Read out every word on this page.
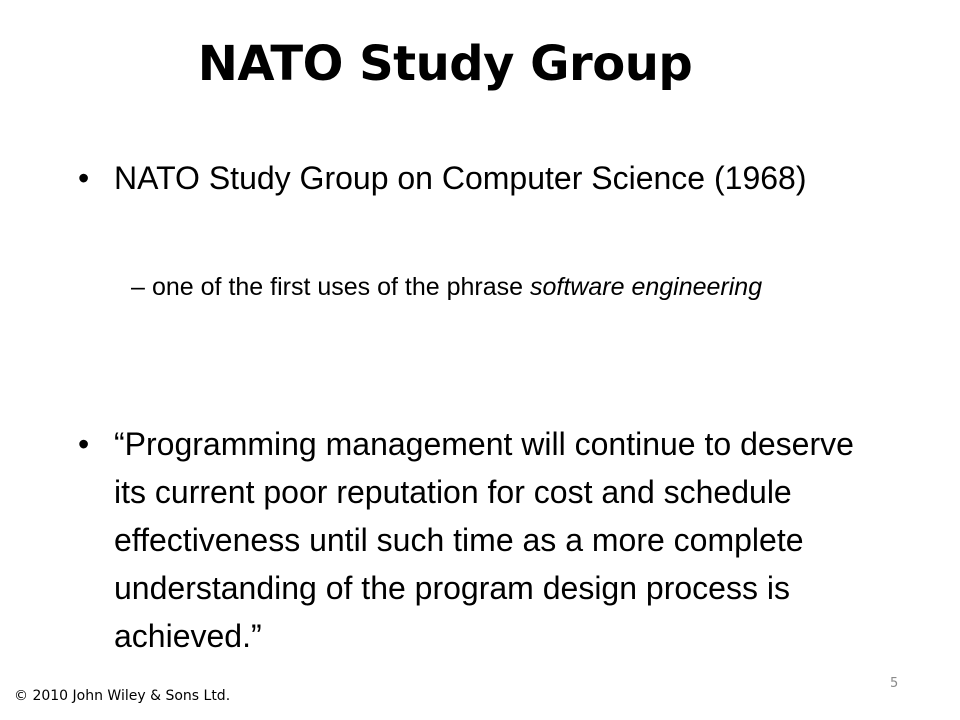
NATO Study Group
• NATO Study Group on Computer Science (1968)
– one of the first uses of the phrase software engineering
• “Programming management will continue to deserve its current poor reputation for cost and schedule effectiveness until such time as a more complete understanding of the program design process is achieved.”
© 2010 John Wiley & Sons Ltd.
5
